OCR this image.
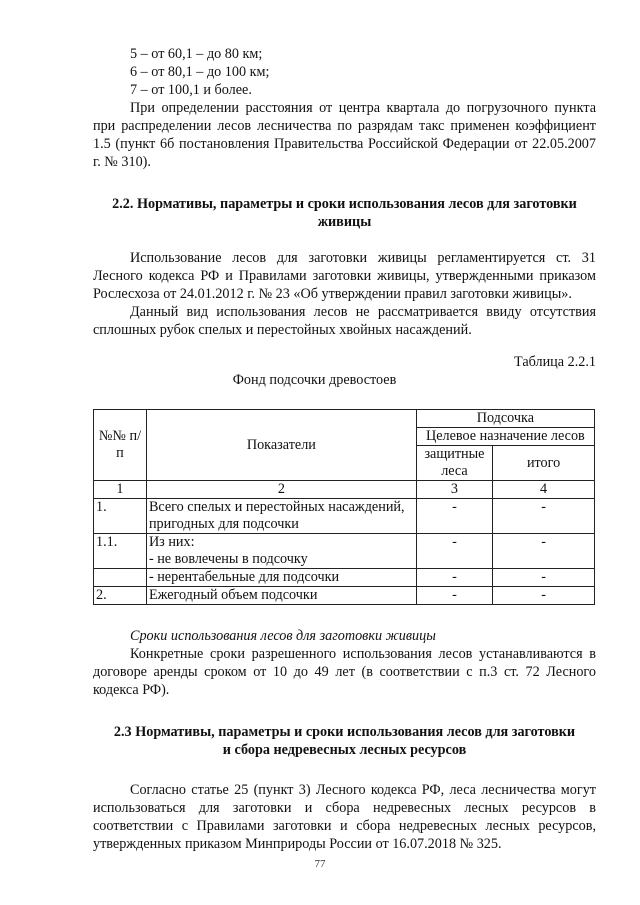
5 – от 60,1 – до 80 км;

6 – от 80,1 – до 100 км;

7 – от 100,1 и более.

При определении расстояния от центра квартала до погрузочного пункта при распределении лесов лесничества по разрядам такс применен коэффициент 1.5 (пункт 6б постановления Правительства Российской Федерации от 22.05.2007 г. № 310).

2.2. Нормативы, параметры и сроки использования лесов для заготовки
живицы

Использование лесов для заготовки живицы регламентируется ст. 31 Лесного кодекса РФ и Правилами заготовки живицы, утвержденными приказом Рослесхоза от 24.01.2012 г. № 23 «Об утверждении правил заготовки живицы».

Данный вид использования лесов не рассматривается ввиду отсутствия сплошных рубок спелых и перестойных хвойных насаждений.

Таблица 2.2.1

Фонд подсочки древостоев

№№ п/п	Показатели	Подсочка	
		Целевое назначение лесов	
		защитные леса	итого
1	2	3	4
1.	Всего спелых и перестойных насаждений, пригодных для подсочки	-	-
1.1.	Из них:	-	-
	- не вовлечены в подсочку		
	- нерентабельные для подсочки	-	-
2.	Ежегодный объем подсочки	-	-

Сроки использования лесов для заготовки живицы

Конкретные сроки разрешенного использования лесов устанавливаются в договоре аренды сроком от 10 до 49 лет (в соответствии с п.3 ст. 72 Лесного кодекса РФ).

2.3 Нормативы, параметры и сроки использования лесов для заготовки
и сбора недревесных лесных ресурсов

Согласно статье 25 (пункт 3) Лесного кодекса РФ, леса лесничества могут использоваться для заготовки и сбора недревесных лесных ресурсов в соответствии с Правилами заготовки и сбора недревесных лесных ресурсов, утвержденных приказом Минприроды России от 16.07.2018 № 325.

77
